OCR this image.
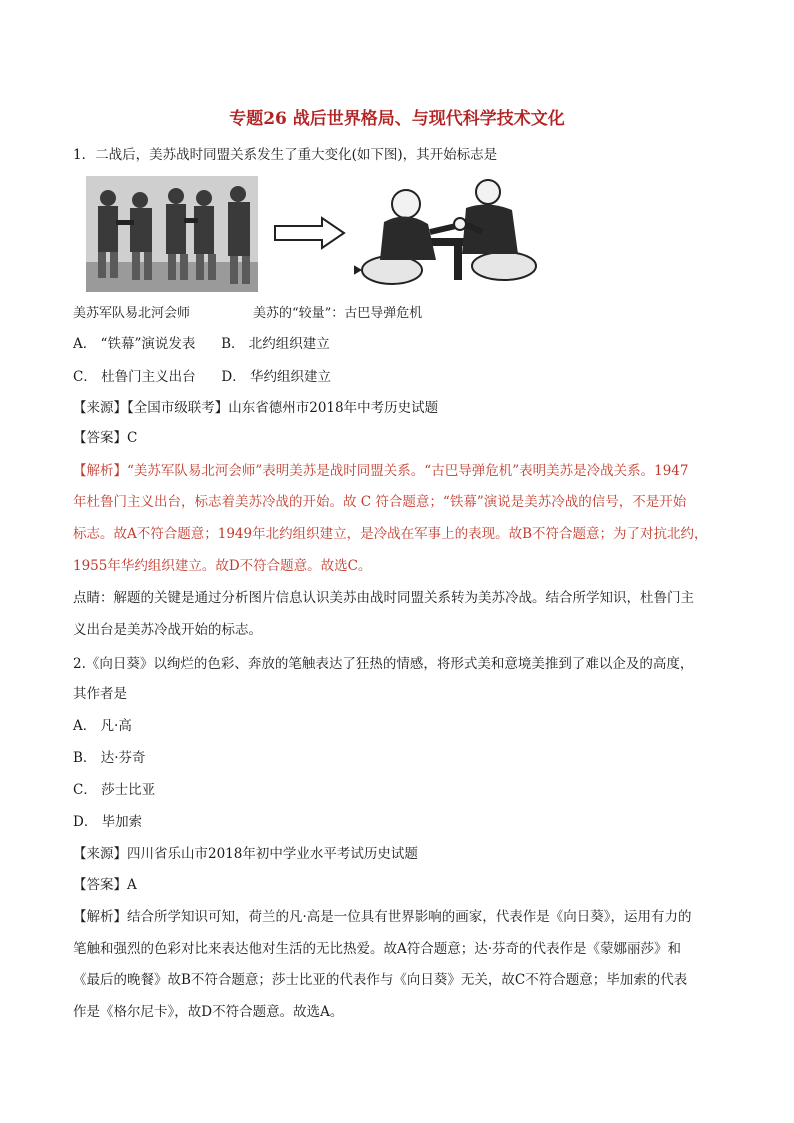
专题26 战后世界格局、与现代科学技术文化
1．二战后，美苏战时同盟关系发生了重大变化(如下图)，其开始标志是
美苏军队易北河会师	美苏的“较量”：古巴导弹危机
A． “铁幕”演说发表      B． 北约组织建立
C． 杜鲁门主义出台      D． 华约组织建立
【来源】【全国市级联考】山东省德州市2018年中考历史试题
【答案】C
【解析】“美苏军队易北河会师”表明美苏是战时同盟关系。“古巴导弹危机”表明美苏是冷战关系。1947
年杜鲁门主义出台，标志着美苏冷战的开始。故 C 符合题意；“铁幕”演说是美苏冷战的信号，不是开始
标志。故A不符合题意；1949年北约组织建立，是冷战在军事上的表现。故B不符合题意；为了对抗北约，
1955年华约组织建立。故D不符合题意。故选C。
点睛：解题的关键是通过分析图片信息认识美苏由战时同盟关系转为美苏冷战。结合所学知识，杜鲁门主
义出台是美苏冷战开始的标志。
2.《向日葵》以绚烂的色彩、奔放的笔触表达了狂热的情感，将形式美和意境美推到了难以企及的高度，
其作者是
A． 凡·高
B． 达·芬奇
C． 莎士比亚
D． 毕加索
【来源】四川省乐山市2018年初中学业水平考试历史试题
【答案】A
【解析】结合所学知识可知，荷兰的凡·高是一位具有世界影响的画家，代表作是《向日葵》，运用有力的
笔触和强烈的色彩对比来表达他对生活的无比热爱。故A符合题意；达·芬奇的代表作是《蒙娜丽莎》和
《最后的晚餐》故B不符合题意；莎士比亚的代表作与《向日葵》无关，故C不符合题意；毕加索的代表
作是《格尔尼卡》，故D不符合题意。故选A。
